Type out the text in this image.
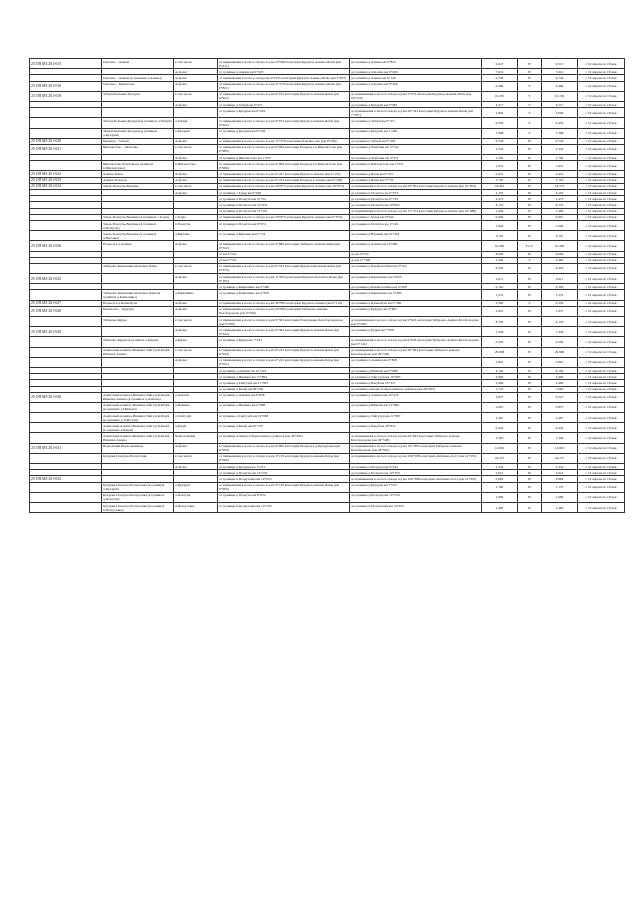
25 OП MЗ 201-015	Ольгино – Азиана	в том числе	от примыкания к полосе отвода а/д км 25+980 категории Курумоч-Азиана-Ялпы (км 0+411)	до границы д.Азиана км 0+823	0,647	IV	0,517	с 19 апреля по 18 мая
		Асфальт	от границы д.Азиана км 0+325	до границы д.Ольгино км 0+490	7,610	IV	7,610	с 19 апреля по 18 мая
	Ольгино – Азиана (в границах д.Азиана)	Асфальт	от примыкания к полосе отвода км 23+435 категории Курумоч-Азиана-Ялпы (км 3+857)	до границы д.Азиана км 0+120	0,749	IV	0,749	с 19 апреля по 18 мая
25 OП MЗ 201-016	Ольгино – Кинчасово	Асфальт	от примыкания к полосе отвода а/д км 21+033 категории Курумоч-Азиана-Ялпы (км 0+821)	до границы д.Ольгино км 0+490	0,469	V	0,469	с 19 апреля по 18 мая
25 OП MЗ 201-018	Забауй-Большие Кулдуки	в том числе	от примыкания к полосе отвода а/д км 0+105 категории Курумоч-Азиана-Ялпы (км 0+922)	до примыкания к полосе отвода а/д км 3+053 категории Курумоч-Азиана-Ялпы (км 09+225)	10,235	V	10,139	с 19 апреля по 18 мая
		Асфальт	от границы д.Забауй км 0+471	до границы д.Кулдуки км 0+981	4,517	V	4,517	с 19 апреля по 18 мая
			от границы д.Кулдуки км 0+459	до примыкания к полосе отвода а/д км 20+343 категории Курумоч-Азиана-Ялпы (км 7+297)	2,892	V	3,096	с 19 апреля по 18 мая
	Забауй-Большие Кулдуки (в границах д.Забауй)	д.Забауй	от примыкания к полосе отвода а/д км 0+913 категории Курумоч-Азиана-Ялпы (км 0+922)	до границы д.Забауй км 0+471	0,459	V	0,459	с 19 апреля по 18 мая
	Забауй-Большие Кулдуки (в границах д.Кулдуки)	д.Кулдуки	от границы д.Кулдуки км 0+108	до границы д.Кулдуки км 1+465	1,368	V	1,368	с 19 апреля по 18 мая
25 OП MЗ 201-020	Кирюша – Забауй	Асфальт	от примыкания к полосе отвода а/д км 17+350 категории Ольгино-Зал (км 0+596)	до границы д.Забауй км 0+439	0,746	IV	0,746	с 19 апреля по 18 мая
25 OП MЗ 201-021	Шиловстово – Чаштовы	в том числе	от примыкания к полосе отвода а/д км 0+008 категории Подъезд к п.Шиловстово (км 0+980)	до границы д.Чаштовы км 3+544	2,544	IV	2,544	с 19 апреля по 18 мая
		Асфальт	от границы п.Шиловстово км 1+637	до границы д.Чаштовы км 3+311	1,592	IV	1,709	с 19 апреля по 18 мая
	Шиловстово-Чаштовы (в границах п.Шиловстово)	п.Шиловстово	от примыкания к полосе отвода а/д км 0+008 категории Подъезд к п.Шиловстово (км 0+980)	до границы п.Шиловстово км 1+637	1,951	IV	1,951	с 19 апреля по 18 мая
25 OП MЗ 201-022	Азиана-Ялпы	Асфальт	от примыкания к полосе отвода а/д км 0+437 категории Курумоч-Азиана (км 0+135)	до границы д.Ялпы км 0+451	0,451	IV	0,451	с 19 апреля по 18 мая
25 OП MЗ 201-023	Азиана-Подъезд	Асфальт	от примыкания к полосе отвода а/д км 0+253 категории Подъезд к Азиана (км 0+258)	до границы д.Ялпы км 3+753	3,763	IV	3,763	с 19 апреля по 18 мая
25 OП MЗ 201-024	Зонда-Полеуты-Верхние	в том числе	от примыкания к полосе отвода а/д км 29+875 категории Курумоч-Азиана (км 29+874)	до примыкания к полосе отвода а/д км 29+854 категории Курумоч-Азиана (км 10+854)	18,401	IV	18,573	с 19 апреля по 18 мая
		Асфальт	от границы с.Зонда км 0+940	до границы п.Полеуты км 0+074	4,153	IV	4,255	с 19 апреля по 18 мая
			от границы п.Полеуты км 0+734	до границы п.Полеуты км 0+734	2,473	IV	2,473	с 19 апреля по 18 мая
			от границы п.Полеуты км 10+631	до границы п.Полеуты км 10+642	8,170	IV	8,170	с 19 апреля по 18 мая
			от границы п.Полеуты км 15+501	до примыкания к полосе отвода а/д км 15+474 категории Курумоч-Азиана (км 10+689)	1,464	IV	1,464	с 19 апреля по 18 мая
	Зонда-Полеуты-Верхние (в границах с.Зонда)	с.Зонда	от примыкания к полосе отвода а/д км 29+875 категории Курумоч-Азиана (км 0+074)	до границы с.Зонда км 0+940	0,900	IV	0,901	с 19 апреля по 18 мая
	Зонда-Полеуты-Верхние (в границах п.Полеуты)	п.Полеуты	от границы п.Полеуты км 0+074	до границы п.Полеуты км 1+149	1,064	IV	1,064	с 19 апреля по 18 мая
	Зонда-Полеуты-Верхние (в границах д.Верхние)	д.Верхние	от границы д.Верхние км 0+734	до границы д.Верхние км 10+454	0,110	IV	0,110	с 19 апреля по 18 мая
25 OП MЗ 201-026	Подъезд к д.Азиана	Асфальт	от примыкания к полосе отвода а/д км 0+888 категории Тибарово-Азиана-Ялпы (км 0+552)	до границы д.Азиана км 10+986	10,200	IV-V	10,200	с 19 апреля по 18 мая
			от км 0+552	до км 0+552	8,000	IV	8,000	с 19 апреля по 18 мая
			от км 0+552	до км 11+548	2,200	V	2,200	с 19 апреля по 18 мая
	Тибарово-Кирюшино-Балашов Ялпы	в том числе	от примыкания к полосе отвода а/д км 0+183 категории Курумоч-Балашов-Ялпы (км 0+073)	до границы д.Балашов Ялпы км 0+352	6,403	IV	6,403	с 19 апреля по 18 мая
25 OП MЗ 201-025		Асфальт	от примыкания к полосе отвода а/д км 11+825 категории Курумоч-Балашов-Ялпы (км 0+182)	до границы д.Кирюшино км 4+635	4,911	IV	4,911	с 19 апреля по 18 мая
			от границы д.Кирюшино км 5+480	до границы д.Балашов Ялпы км 6+628	0,163	IV	0,300	с 19 апреля по 18 мая
	Тибарово-Кирюшино-Балашов Ялпы (в границах д.Кирюшино)	д.Кирюшино	от границы д.Кирюшино км 4+635	до границы д.Кирюшино км 5+480	1,274	IV	1,274	с 19 апреля по 18 мая
25 OП MЗ 201-027	Подъезд к д.Ялпы-Кузи	Асфальт	от примыкания к полосе отвода а/д км 30+885 категории Курумоч-Азиана (км 0+119)	до границы д.Ялпы-Кузи км 2+382	2,382	V	0,359	с 19 апреля по 18 мая
25 OП MЗ 201-028	Кинчасово – Кудурча	Асфальт	от примыкания к полосе отвода а/д км 24+896 категории Тибарово-Азиана-Белобородово (км 0+260)	до границы д.Кудурча км 2+867	2,825	IV	1,937	с 19 апреля по 18 мая
	Тибарово-Курри	в том числе	от примыкания к полосе отвода а/д км 9+302 категории Поворзнево-Белобородовское (км 0+280)	до примыкания к полосе отвода а/д км 9+643 категории Тибарово-Азиана-Белобородово (км 0+280)	8,150	IV	8,150	с 19 апреля по 18 мая
25 OП MЗ 201-029		Асфальт	от примыкания к полосе отвода а/д км 9+302 категории Курумоч-Азиана-Ялпы (км 0+322)	до границы д.Курри км 7+633	7,458	IV	7,458	с 19 апреля по 18 мая
	Тибарово-Курри (в границах д.Курри)	д.Курри	от границы д.Курри км 7+633	до примыкания к полосе отвода а/д км 9+643 категории Тибарово-Азиана-Белобородово (км 0+141)	0,562	IV	0,562	с 19 апреля по 18 мая
	Азиатовый-Азиатка-Ишмаил-Тайгучуй-Бачуй-Ишмаил-Азиана	в том числе	от примыкания к полосе отвода а/д км 0+222 категории Курумоч-Азиана-Ялпы (км 0+022)	до примыкания к полосе отвода а/д км 29+843 категории Тибарово-Азиана-Белобородово (км 29+548)	29,968	IV	29,968	с 19 апреля по 18 мая
		Асфальт	от примыкания к полосе отвода а/д км 0+222 категории Курумоч-Азиана-Ялпы (км 0+022)	до границы д.Азиатка км 0+828	5,861	IV	5,861	с 19 апреля по 18 мая
			от границы д.Азиатка км 10+416	до границы д.Ишмаил км 0+868	4,164	IV	4,164	с 19 апреля по 18 мая
			от границы д.Ишмаил км 15+864	до границы д.Тайгучуй км 19+965	3,900	IV	3,900	с 19 апреля по 18 мая
			от границы д.Тайгучуй км 21+897	до границы д.Бачуй км 25+357	3,460	IV	3,460	с 19 апреля по 18 мая
			от границы д.Бачуй км 28+436	до границы Азиатка и Черноземного районов (км 29+303)	1,153	IV	1,060	с 19 апреля по 18 мая
25 OП MЗ 201-030	Азиатовый-Азиатка-Ишмаил-Тайгучуй-Бачуй-Ишмаил-Азиана (в границах д.Азиатка)	д.Азиатка	от границы д.Азиатка км 0+828	до границы д.Азиатка км 10+416	2,857	IV	0,527	с 19 апреля по 18 мая
	Азиатовый-Азиатка-Ишмаил-Тайгучуй-Бачуй (в границах д.Ишмаил)	д.Ишмаил	от границы д.Ишмаил км 0+868	до границы д.Ишмаил км 15+864	2,667	IV	0,857	с 19 апреля по 18 мая
	Азиатовый-Азиатка-Ишмаил-Тайгучуй-Бачуй (в границах д.Тайгучуй)	д.Тайгучуй	от границы д.Тайгучуй км 19+938	до границы д.Тайгучуй км 21+897	2,497	IV	2,497	с 19 апреля по 18 мая
	Азиатовый-Азиатка-Ишмаил-Тайгучуй-Бачуй (в границах д.Бачуй)	д.Бачуй	от границы д.Бачуй км 25+357	до границы д.Бачуй км 28+822	0,442	IV	0,442	с 19 апреля по 18 мая
	Азиатовый-Азиатка-Ишмаил-Тайгучуй-Бачуй-Ишмаил-Азиана	Черноземный	от границы Азиатка и Черноземного районов (км 29+303)	до примыкания к полосе отвода а/д км 29+843 категории Тибарово-Азиана-Белобородово (км 29+548)	1,303	IV	1,306	с 19 апреля по 18 мая
25 OП MЗ 201-031	Верхоланки-Верхоланианка	Асфальт	от примыкания к полосе отвода а/д км 0+000 категории Подъезд к д.Кулдуковка (км 0+000)	до примыкания к полосе отвода а/д км 101+885 категории Тибарово-Азиана-Белобородово (км 28+822)	12,801	IV	12,801	с 19 апреля по 18 мая
	Кулдуки-Полеуты-Полеутовка	в том числе	от примыкания к полосе отвода а/д км 3+159 категории Курумоч-Азиана-Ялпы (км 0+000)	до примыкания к полосе отвода а/д км 100+388 категории «Кабакан-24-12 (км 14+935)	24,137	IV	24,137	с 19 апреля по 18 мая
		Асфальт	от границы д.Кулдуки км 1+251	до границы д.Полеуты км 6+054	2,354	IV	2,354	с 19 апреля по 18 мая
			от границы д.Полеуты км 10+234	до границы д.Полеуты км 10+350	5,614	IV	5,614	с 19 апреля по 18 мая
25 OП MЗ 201-032			от границы п.Полеутовка км 14+053	до примыкания к полосе отвода а/д км 100+388 категории «Кабакан-24-12 (км 14+935)	0,882	IV	0,882	с 19 апреля по 18 мая
	Кулдуки-Полеуты-Полеутовка (в границах д.Кулдуки)	д.Кулдуки	от примыкания к полосе отвода а/д км 3+159 категории Курумоч-Азиана-Ялпы (км 0+000)	до границы д.Кулдуки км 1+251	1,180	IV	1,170	с 19 апреля по 18 мая
	Кулдуки-Полеуты-Полеутовка (в границах д.Полеуты)	д.Полеуты	от границы д.Полеуты км 6+054	до границы д.Полеуты км 10+234	1,686	IV	1,686	с 19 апреля по 18 мая
	Кулдуки-Полеуты-Полеутовка (в границах п.Полеутовка)	п.Полеутовка	от границы п.Полеутовка км 10+350	до границы п.Полеутовка км 14+053	1,483	IV	1,483	с 19 апреля по 18 мая
